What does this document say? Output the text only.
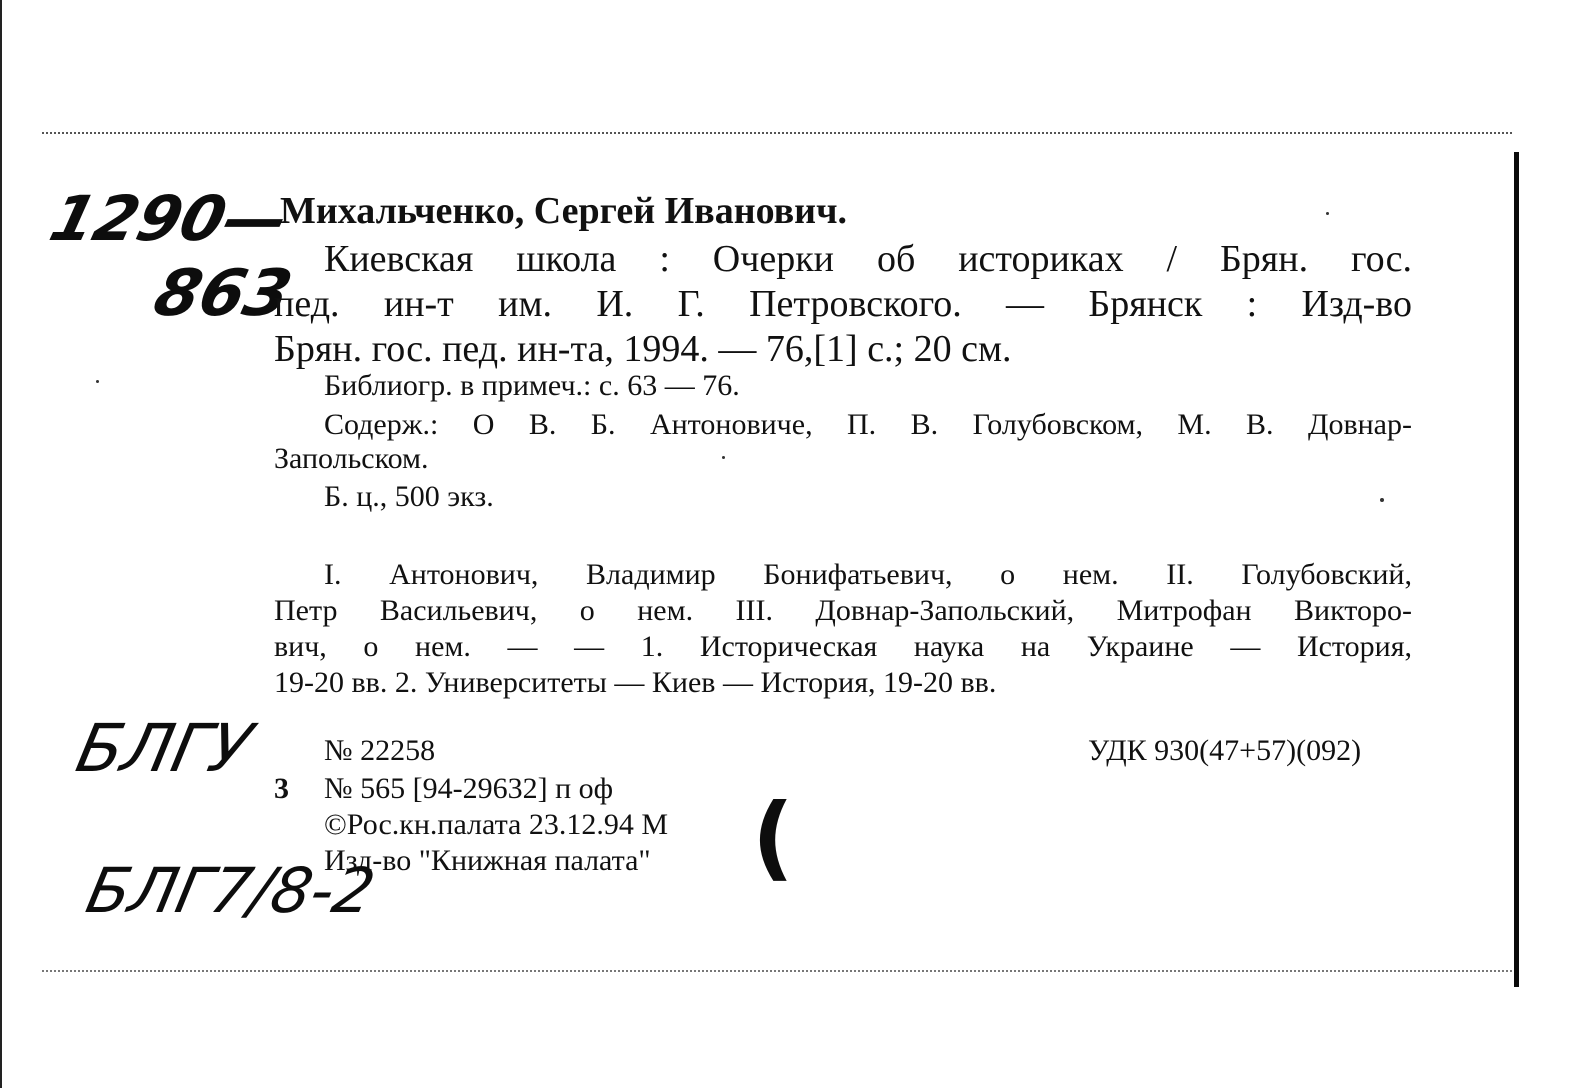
1290—
863
Михальченко, Сергей Иванович.
Киевская школа : Очерки об историках / Брян. гос.
пед. ин-т им. И. Г. Петровского. — Брянск : Изд-во
Брян. гос. пед. ин-та, 1994. — 76,[1] с.; 20 см.
Библиогр. в примеч.: с. 63 — 76.
Содерж.: О В. Б. Антоновиче, П. В. Голубовском, М. В. Довнар-
Запольском.
Б. ц., 500 экз.
I. Антонович, Владимир Бонифатьевич, о нем. II. Голубовский,
Петр Васильевич, о нем. III. Довнар-Запольский, Митрофан Викторо-
вич, о нем. — — 1. Историческая наука на Украине — История,
19-20 вв. 2. Университеты — Киев — История, 19-20 вв.
БЛГУ
БЛГ7/8-2
№ 22258	УДК 930(47+57)(092)
3 № 565 [94-29632] п оф
©Рос.кн.палата 23.12.94 М
Изд-во "Книжная палата" (
